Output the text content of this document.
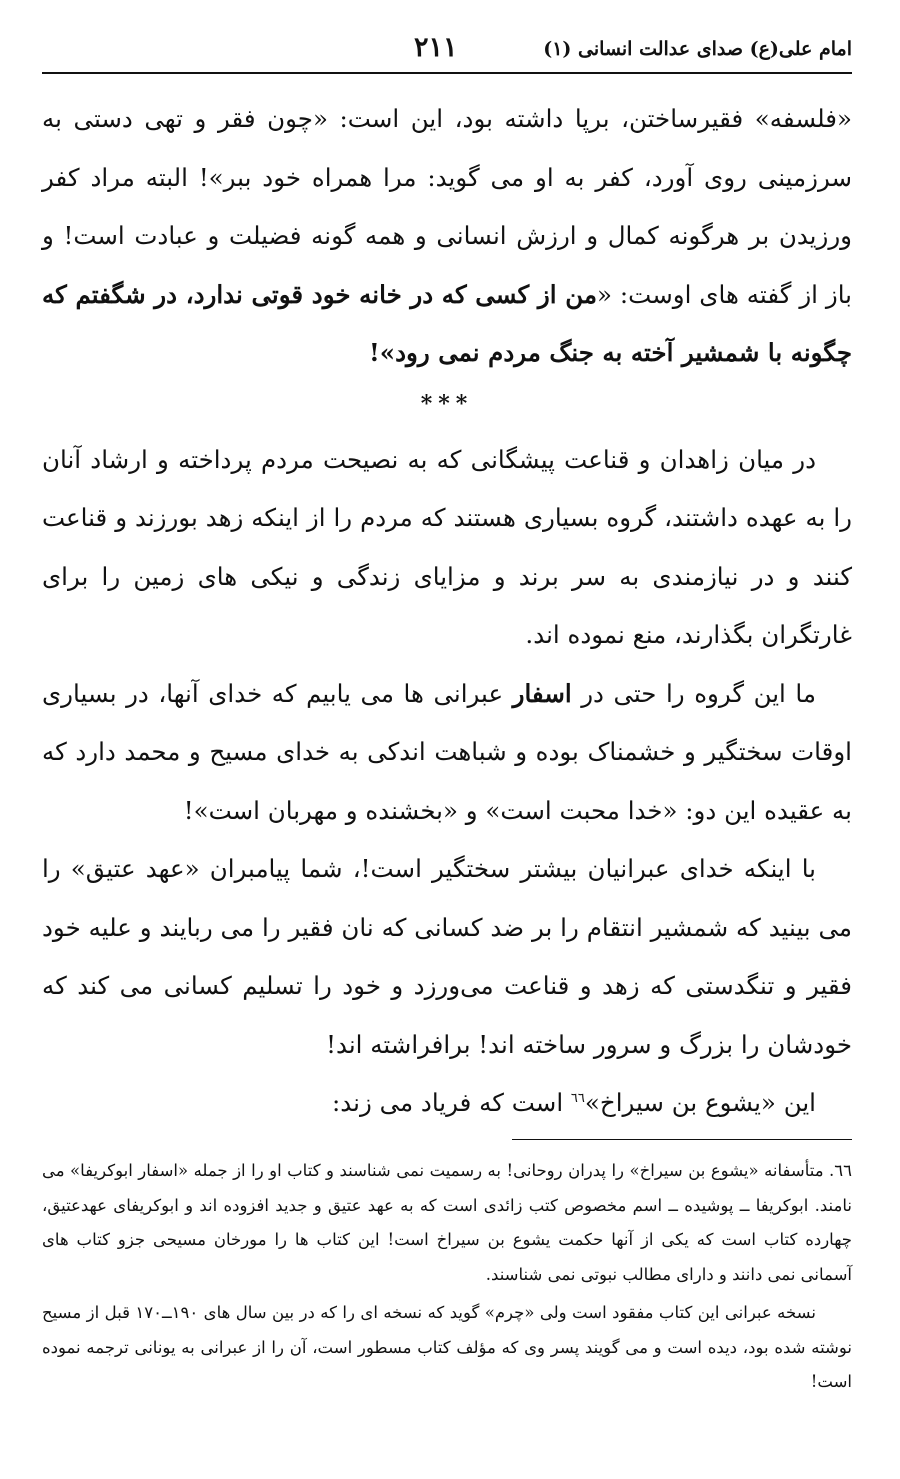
امام علی(ع) صدای عدالت انسانی (۱)
۲۱۱

«فلسفه» فقیرساختن، برپا داشته بود، این است: «چون فقر و تهی دستی به سرزمینی روی آورد، کفر به او می گوید: مرا همراه خود ببر»! البته مراد کفر ورزیدن بر هرگونه کمال و ارزش انسانی و همه گونه فضیلت و عبادت است! و باز از گفته های اوست: «من از کسی که در خانه خود قوتی ندارد، در شگفتم که چگونه با شمشیر آخته به جنگ مردم نمی رود»!

***

در میان زاهدان و قناعت پیشگانی که به نصیحت مردم پرداخته و ارشاد آنان را به عهده داشتند، گروه بسیاری هستند که مردم را از اینکه زهد بورزند و قناعت کنند و در نیازمندی به سر برند و مزایای زندگی و نیکی های زمین را برای غارتگران بگذارند، منع نموده اند.

ما این گروه را حتی در اسفار عبرانی ها می یابیم که خدای آنها، در بسیاری اوقات سختگیر و خشمناک بوده و شباهت اندکی به خدای مسیح و محمد دارد که به عقیده این دو: «خدا محبت است» و «بخشنده و مهربان است»!

با اینکه خدای عبرانیان بیشتر سختگیر است!، شما پیامبران «عهد عتیق» را می بینید که شمشیر انتقام را بر ضد کسانی که نان فقیر را می ربایند و علیه خود فقیر و تنگدستی که زهد و قناعت می‌ورزد و خود را تسلیم کسانی می کند که خودشان را بزرگ و سرور ساخته اند! برافراشته اند!

این «یشوع بن سیراخ»$^{٦٦}$ است که فریاد می زند:

٦٦. متأسفانه «یشوع بن سیراخ» را پدران روحانی! به رسمیت نمی شناسند و کتاب او را از جمله «اسفار ابوکریفا» می نامند. ابوکریفا ــ پوشیده ــ اسم مخصوص کتب زائدی است که به عهد عتیق و جدید افزوده اند و ابوکریفای عهدعتیق، چهارده کتاب است که یکی از آنها حکمت یشوع بن سیراخ است! این کتاب ها را مورخان مسیحی جزو کتاب های آسمانی نمی دانند و دارای مطالب نبوتی نمی شناسند.

نسخه عبرانی این کتاب مفقود است ولی «چرم» گوید که نسخه ای را که در بین سال های ۱۹۰ــ۱۷۰ قبل از مسیح نوشته شده بود، دیده است و می گویند پسر وی که مؤلف کتاب مسطور است، آن را از عبرانی به یونانی ترجمه نموده است!
